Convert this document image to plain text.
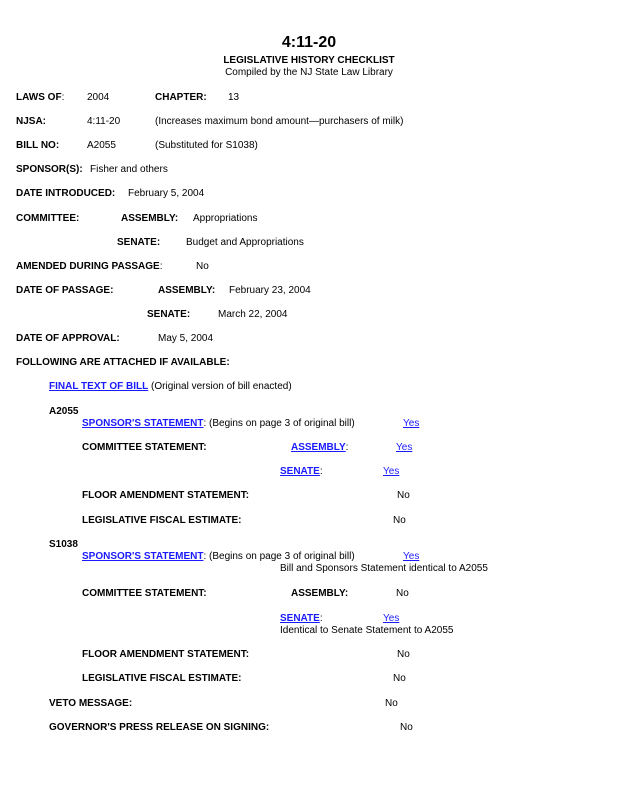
4:11-20
LEGISLATIVE HISTORY CHECKLIST
Compiled by the NJ State Law Library
LAWS OF: 2004	CHAPTER: 13
NJSA:	4:11-20	(Increases maximum bond amount—purchasers of milk)
BILL NO:	A2055	(Substituted for S1038)
SPONSOR(S): Fisher and others
DATE INTRODUCED: February 5, 2004
COMMITTEE:	ASSEMBLY: Appropriations
SENATE:	Budget and Appropriations
AMENDED DURING PASSAGE:	No
DATE OF PASSAGE:	ASSEMBLY: February 23, 2004
SENATE:	March 22, 2004
DATE OF APPROVAL:	May 5, 2004
FOLLOWING ARE ATTACHED IF AVAILABLE:
FINAL TEXT OF BILL (Original version of bill enacted)
A2055
SPONSOR'S STATEMENT: (Begins on page 3 of original bill)	Yes
COMMITTEE STATEMENT:	ASSEMBLY:	Yes
SENATE:	Yes
FLOOR AMENDMENT STATEMENT:	No
LEGISLATIVE FISCAL ESTIMATE:	No
S1038
SPONSOR'S STATEMENT: (Begins on page 3 of original bill)	Yes
Bill and Sponsors Statement identical to A2055
COMMITTEE STATEMENT:	ASSEMBLY:	No
SENATE:	Yes
Identical to Senate Statement to A2055
FLOOR AMENDMENT STATEMENT:	No
LEGISLATIVE FISCAL ESTIMATE:	No
VETO MESSAGE:	No
GOVERNOR'S PRESS RELEASE ON SIGNING:	No
